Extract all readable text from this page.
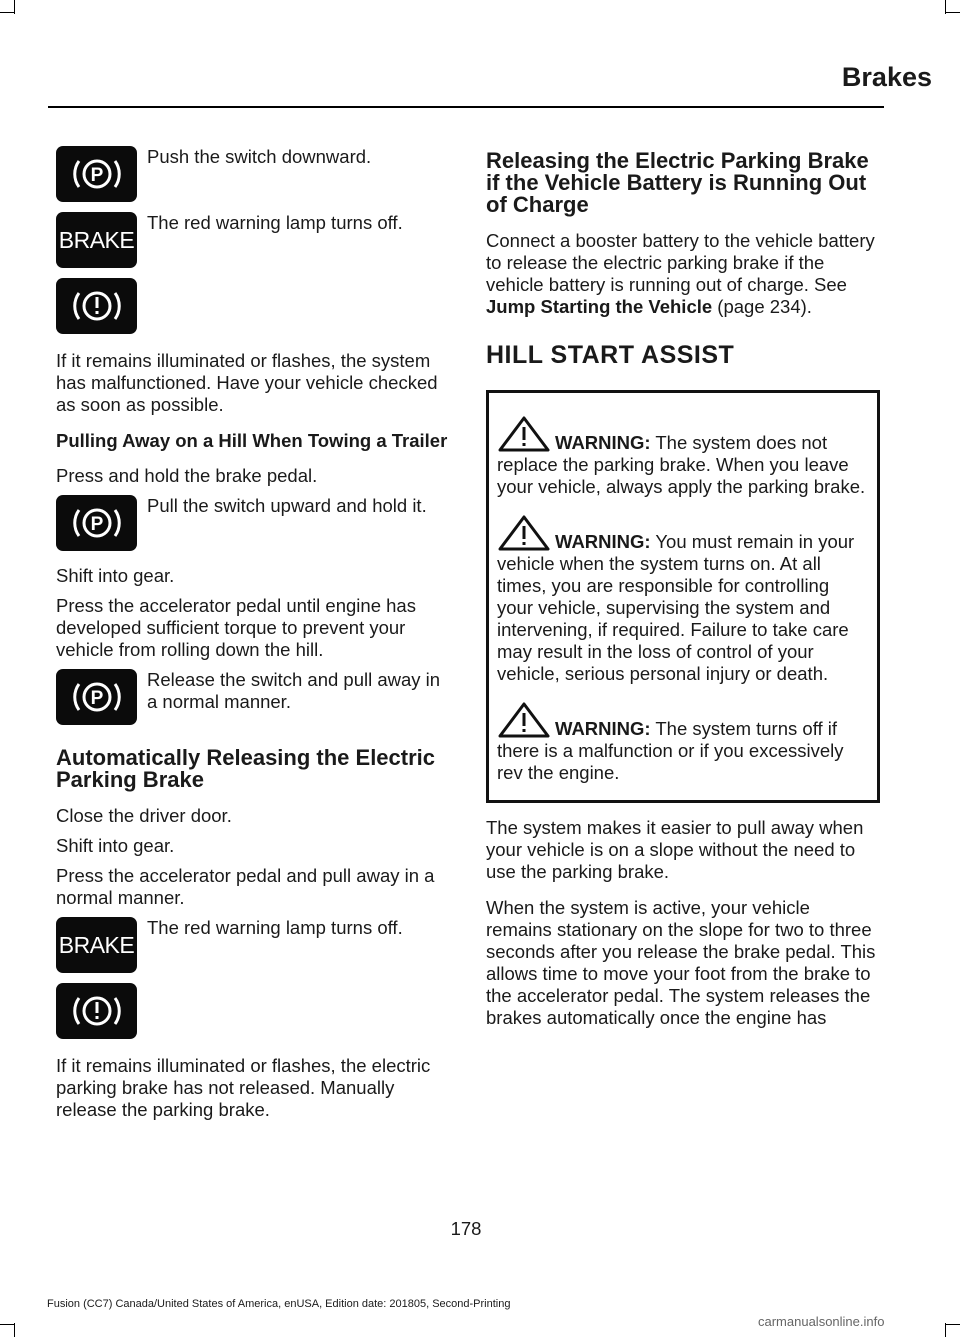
Brakes
P
Push the switch downward.
BRAKE
The red warning lamp turns off.

If it remains illuminated or flashes, the system has malfunctioned. Have your vehicle checked as soon as possible.

Pulling Away on a Hill When Towing a Trailer

Press and hold the brake pedal.

P
Pull the switch upward and hold it.

Shift into gear.

Press the accelerator pedal until engine has developed sufficient torque to prevent your vehicle from rolling down the hill.

P
Release the switch and pull away in a normal manner.

Automatically Releasing the Electric Parking Brake

Close the driver door.

Shift into gear.

Press the accelerator pedal and pull away in a normal manner.

BRAKE
The red warning lamp turns off.

If it remains illuminated or flashes, the electric parking brake has not released. Manually release the parking brake.

Releasing the Electric Parking Brake if the Vehicle Battery is Running Out of Charge

Connect a booster battery to the vehicle battery to release the electric parking brake if the vehicle battery is running out of charge. See Jump Starting the Vehicle (page 234).

HILL START ASSIST

WARNING: The system does not replace the parking brake. When you leave your vehicle, always apply the parking brake.

WARNING: You must remain in your vehicle when the system turns on. At all times, you are responsible for controlling your vehicle, supervising the system and intervening, if required. Failure to take care may result in the loss of control of your vehicle, serious personal injury or death.

WARNING: The system turns off if there is a malfunction or if you excessively rev the engine.

The system makes it easier to pull away when your vehicle is on a slope without the need to use the parking brake.

When the system is active, your vehicle remains stationary on the slope for two to three seconds after you release the brake pedal. This allows time to move your foot from the brake to the accelerator pedal. The system releases the brakes automatically once the engine has

178
Fusion (CC7) Canada/United States of America, enUSA, Edition date: 201805, Second-Printing
carmanualsonline.info
